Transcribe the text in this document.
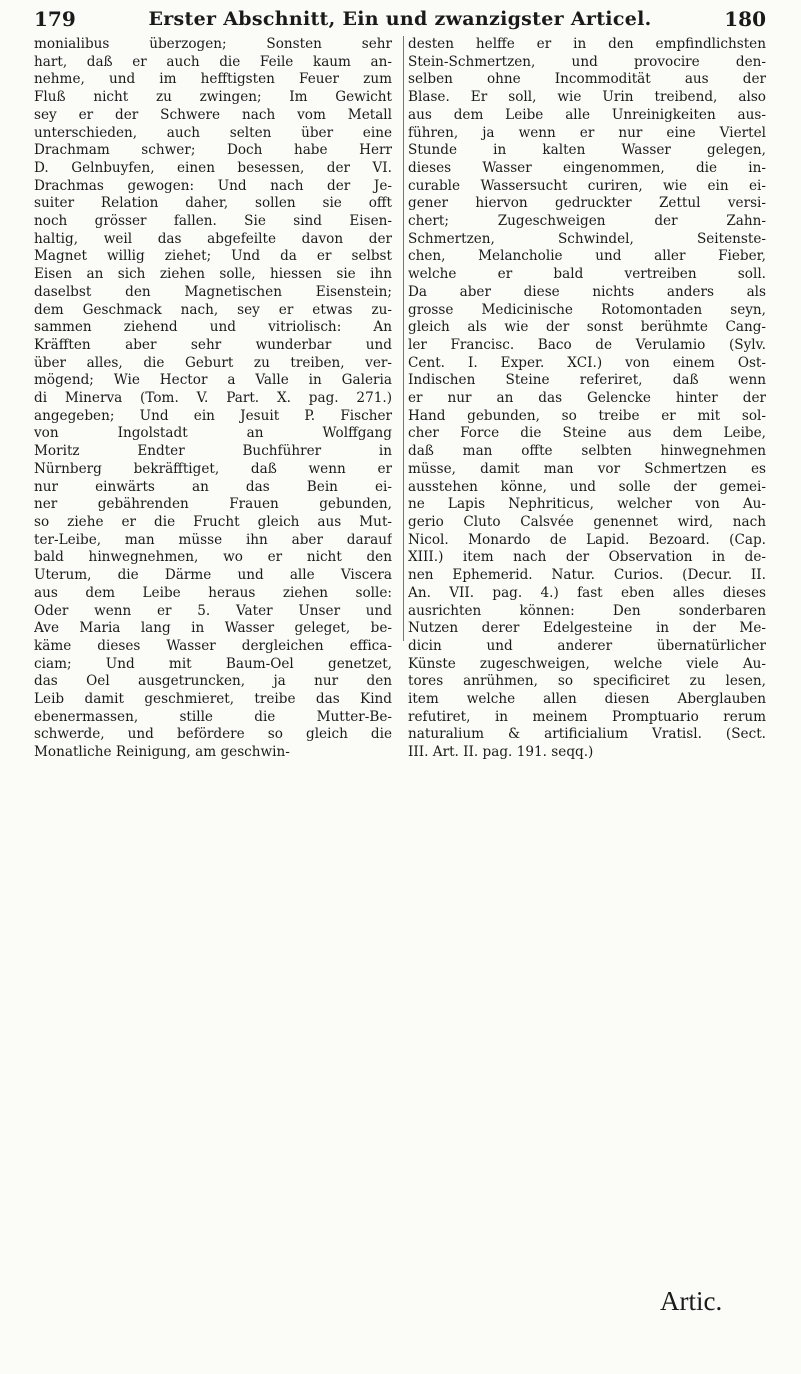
179	Erster Abschnitt, Ein und zwanzigster Articel.	180
monialibus überzogen; Sonsten sehr
hart, daß er auch die Feile kaum an-
nehme, und im hefftigsten Feuer zum
Fluß nicht zu zwingen; Im Gewicht
sey er der Schwere nach vom Metall
unterschieden, auch selten über eine
Drachmam schwer; Doch habe Herr
D. Gelnbuyfen, einen besessen, der VI.
Drachmas gewogen: Und nach der Je-
suiter Relation daher, sollen sie offt
noch grösser fallen. Sie sind Eisen-
haltig, weil das abgefeilte davon der
Magnet willig ziehet; Und da er selbst
Eisen an sich ziehen solle, hiessen sie ihn
daselbst den Magnetischen Eisenstein;
dem Geschmack nach, sey er etwas zu-
sammen ziehend und vitriolisch: An
Kräfften aber sehr wunderbar und
über alles, die Geburt zu treiben, ver-
mögend; Wie Hector a Valle in Galeria
di Minerva (Tom. V. Part. X. pag. 271.)
angegeben; Und ein Jesuit P. Fischer
von Ingolstadt an Wolffgang
Moritz Endter Buchführer in
Nürnberg bekräfftiget, daß wenn er
nur einwärts an das Bein ei-
ner gebährenden Frauen gebunden,
so ziehe er die Frucht gleich aus Mut-
ter-Leibe, man müsse ihn aber darauf
bald hinwegnehmen, wo er nicht den
Uterum, die Därme und alle Viscera
aus dem Leibe heraus ziehen solle:
Oder wenn er 5. Vater Unser und
Ave Maria lang in Wasser geleget, be-
käme dieses Wasser dergleichen effica-
ciam; Und mit Baum-Oel genetzet,
das Oel ausgetruncken, ja nur den
Leib damit geschmieret, treibe das Kind
ebenermassen, stille die Mutter-Be-
schwerde, und befördere so gleich die
Monatliche Reinigung, am geschwin-
desten helffe er in den empfindlichsten
Stein-Schmertzen, und provocire den-
selben ohne Incommodität aus der
Blase. Er soll, wie Urin treibend, also
aus dem Leibe alle Unreinigkeiten aus-
führen, ja wenn er nur eine Viertel
Stunde in kalten Wasser gelegen,
dieses Wasser eingenommen, die in-
curable Wassersucht curiren, wie ein ei-
gener hiervon gedruckter Zettul versi-
chert; Zugeschweigen der Zahn-
Schmertzen, Schwindel, Seitenste-
chen, Melancholie und aller Fieber,
welche er bald vertreiben soll.
Da aber diese nichts anders als
grosse Medicinische Rotomontaden seyn,
gleich als wie der sonst berühmte Cang-
ler Francisc. Baco de Verulamio (Sylv.
Cent. I. Exper. XCI.) von einem Ost-
Indischen Steine referiret, daß wenn
er nur an das Gelencke hinter der
Hand gebunden, so treibe er mit sol-
cher Force die Steine aus dem Leibe,
daß man offte selbten hinwegnehmen
müsse, damit man vor Schmertzen es
ausstehen könne, und solle der gemei-
ne Lapis Nephriticus, welcher von Au-
gerio Cluto Calsvée genennet wird, nach
Nicol. Monardo de Lapid. Bezoard. (Cap.
XIII.) item nach der Observation in de-
nen Ephemerid. Natur. Curios. (Decur. II.
An. VII. pag. 4.) fast eben alles dieses
ausrichten können: Den sonderbaren
Nutzen derer Edelgesteine in der Me-
dicin und anderer übernatürlicher
Künste zugeschweigen, welche viele Au-
tores anrühmen, so specificiret zu lesen,
item welche allen diesen Aberglauben
refutiret, in meinem Promptuario rerum
naturalium & artificialium Vratisl. (Sect.
III. Art. II. pag. 191. seqq.)
Artic.
